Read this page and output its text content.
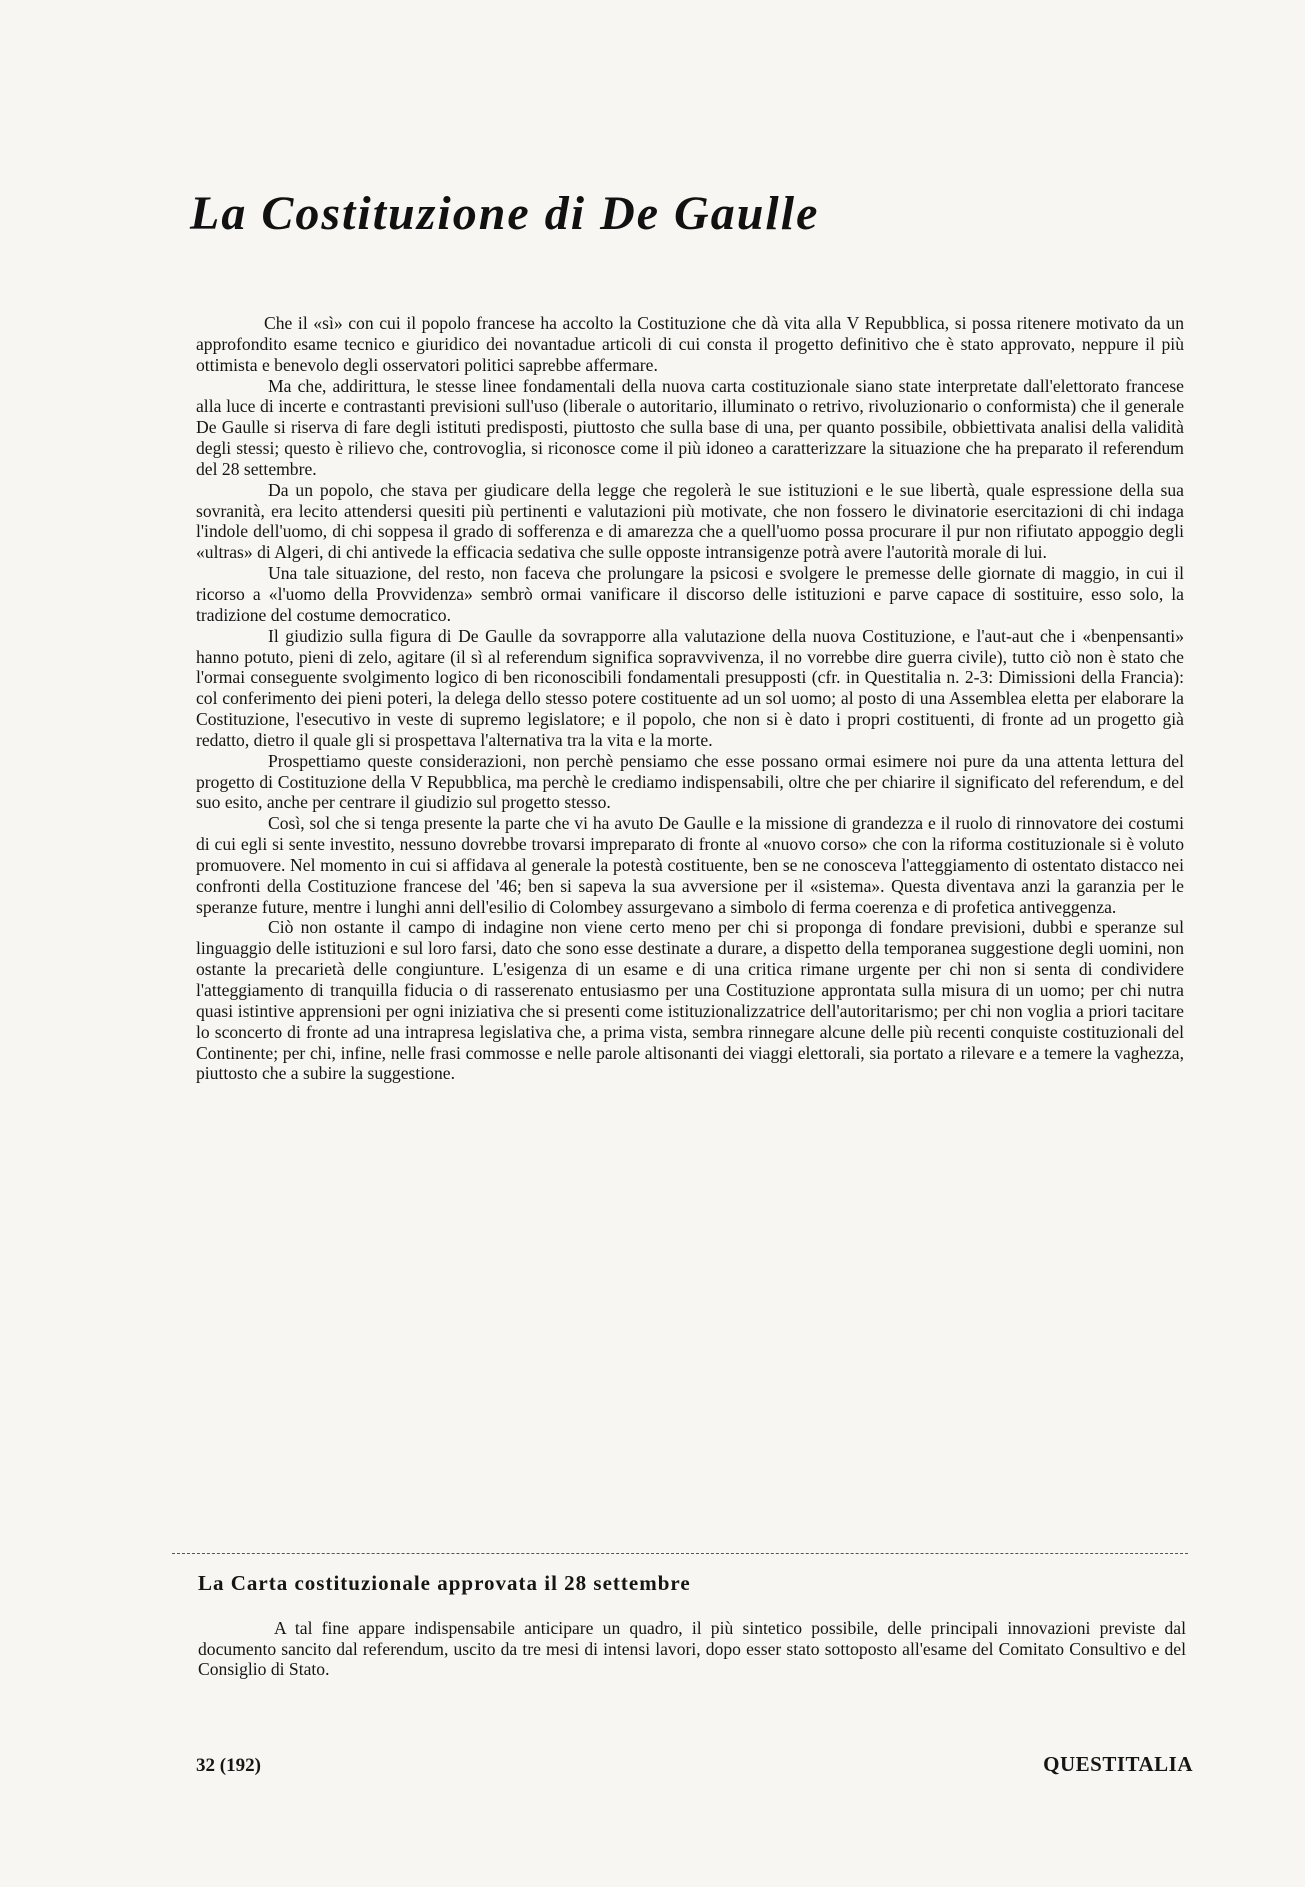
La Costituzione di De Gaulle

Che il «sì» con cui il popolo francese ha accolto la Costituzione che dà vita alla V Repubblica, si possa ritenere motivato da un approfondito esame tecnico e giuridico dei novantadue articoli di cui consta il progetto definitivo che è stato approvato, neppure il più ottimista e benevolo degli osservatori politici saprebbe affermare.

Ma che, addirittura, le stesse linee fondamentali della nuova carta costituzionale siano state interpretate dall'elettorato francese alla luce di incerte e contrastanti previsioni sull'uso (liberale o autoritario, illuminato o retrivo, rivoluzionario o conformista) che il generale De Gaulle si riserva di fare degli istituti predisposti, piuttosto che sulla base di una, per quanto possibile, obbiettivata analisi della validità degli stessi; questo è rilievo che, controvoglia, si riconosce come il più idoneo a caratterizzare la situazione che ha preparato il referendum del 28 settembre.

Da un popolo, che stava per giudicare della legge che regolerà le sue istituzioni e le sue libertà, quale espressione della sua sovranità, era lecito attendersi quesiti più pertinenti e valutazioni più motivate, che non fossero le divinatorie esercitazioni di chi indaga l'indole dell'uomo, di chi soppesa il grado di sofferenza e di amarezza che a quell'uomo possa procurare il pur non rifiutato appoggio degli «ultras» di Algeri, di chi antivede la efficacia sedativa che sulle opposte intransigenze potrà avere l'autorità morale di lui.

Una tale situazione, del resto, non faceva che prolungare la psicosi e svolgere le premesse delle giornate di maggio, in cui il ricorso a «l'uomo della Provvidenza» sembrò ormai vanificare il discorso delle istituzioni e parve capace di sostituire, esso solo, la tradizione del costume democratico.

Il giudizio sulla figura di De Gaulle da sovrapporre alla valutazione della nuova Costituzione, e l'aut-aut che i «benpensanti» hanno potuto, pieni di zelo, agitare (il sì al referendum significa sopravvivenza, il no vorrebbe dire guerra civile), tutto ciò non è stato che l'ormai conseguente svolgimento logico di ben riconoscibili fondamentali presupposti (cfr. in Questitalia n. 2-3: Dimissioni della Francia): col conferimento dei pieni poteri, la delega dello stesso potere costituente ad un sol uomo; al posto di una Assemblea eletta per elaborare la Costituzione, l'esecutivo in veste di supremo legislatore; e il popolo, che non si è dato i propri costituenti, di fronte ad un progetto già redatto, dietro il quale gli si prospettava l'alternativa tra la vita e la morte.

Prospettiamo queste considerazioni, non perchè pensiamo che esse possano ormai esimere noi pure da una attenta lettura del progetto di Costituzione della V Repubblica, ma perchè le crediamo indispensabili, oltre che per chiarire il significato del referendum, e del suo esito, anche per centrare il giudizio sul progetto stesso.

Così, sol che si tenga presente la parte che vi ha avuto De Gaulle e la missione di grandezza e il ruolo di rinnovatore dei costumi di cui egli si sente investito, nessuno dovrebbe trovarsi impreparato di fronte al «nuovo corso» che con la riforma costituzionale si è voluto promuovere. Nel momento in cui si affidava al generale la potestà costituente, ben se ne conosceva l'atteggiamento di ostentato distacco nei confronti della Costituzione francese del '46; ben si sapeva la sua avversione per il «sistema». Questa diventava anzi la garanzia per le speranze future, mentre i lunghi anni dell'esilio di Colombey assurgevano a simbolo di ferma coerenza e di profetica antiveggenza.

Ciò non ostante il campo di indagine non viene certo meno per chi si proponga di fondare previsioni, dubbi e speranze sul linguaggio delle istituzioni e sul loro farsi, dato che sono esse destinate a durare, a dispetto della temporanea suggestione degli uomini, non ostante la precarietà delle congiunture. L'esigenza di un esame e di una critica rimane urgente per chi non si senta di condividere l'atteggiamento di tranquilla fiducia o di rasserenato entusiasmo per una Costituzione approntata sulla misura di un uomo; per chi nutra quasi istintive apprensioni per ogni iniziativa che si presenti come istituzionalizzatrice dell'autoritarismo; per chi non voglia a priori tacitare lo sconcerto di fronte ad una intrapresa legislativa che, a prima vista, sembra rinnegare alcune delle più recenti conquiste costituzionali del Continente; per chi, infine, nelle frasi commosse e nelle parole altisonanti dei viaggi elettorali, sia portato a rilevare e a temere la vaghezza, piuttosto che a subire la suggestione.

La Carta costituzionale approvata il 28 settembre

A tal fine appare indispensabile anticipare un quadro, il più sintetico possibile, delle principali innovazioni previste dal documento sancito dal referendum, uscito da tre mesi di intensi lavori, dopo esser stato sottoposto all'esame del Comitato Consultivo e del Consiglio di Stato.

32 (192)	QUESTITALIA
